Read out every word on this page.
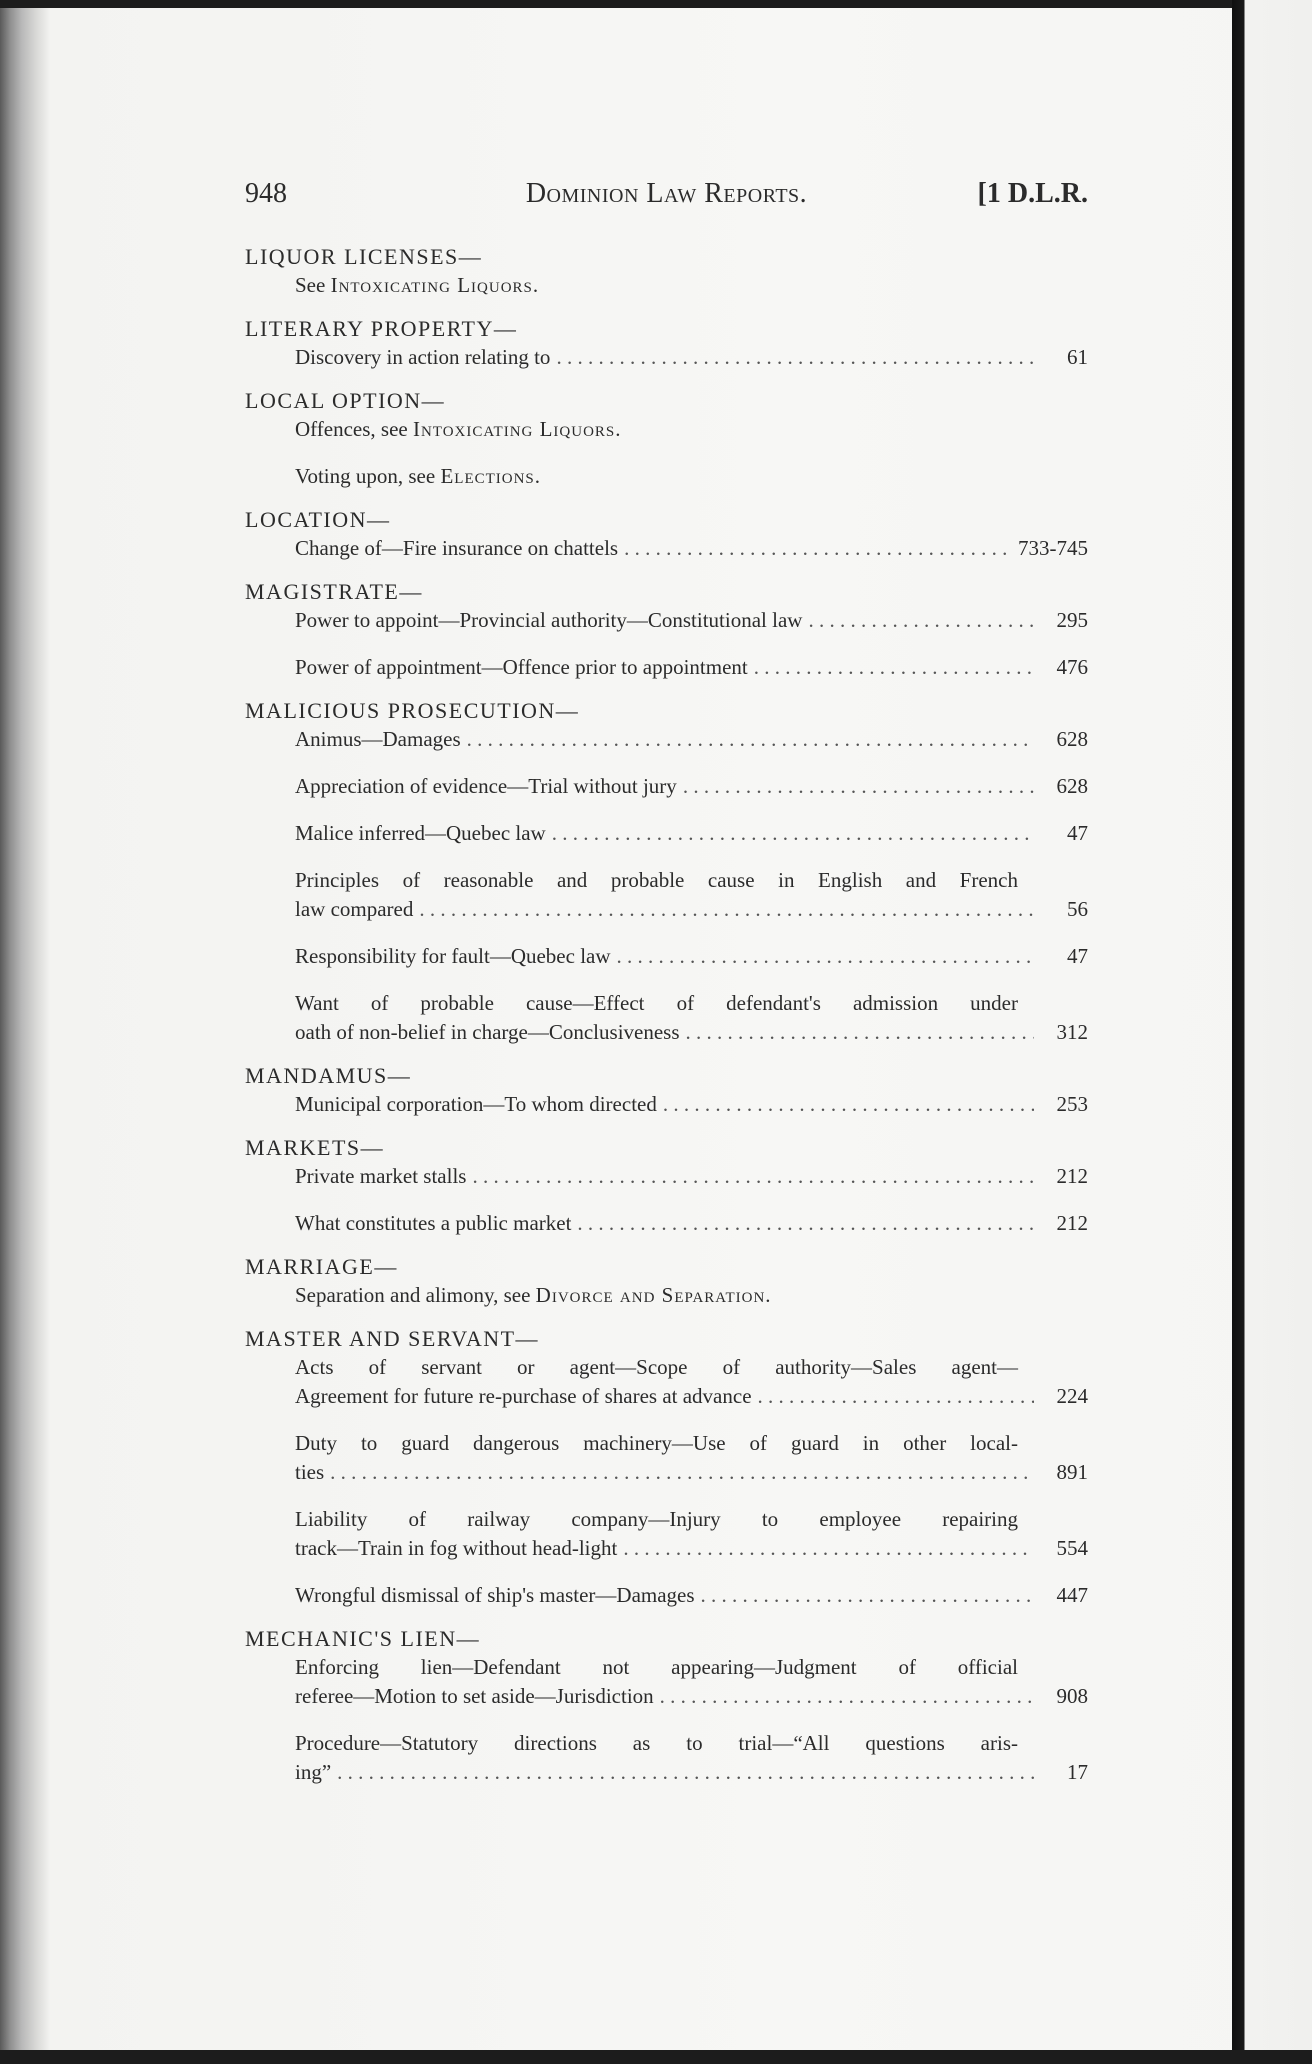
948	Dominion Law Reports.	[1 D.L.R.
LIQUOR LICENSES—
See Intoxicating Liquors.
LITERARY PROPERTY—
Discovery in action relating to . . .	61
LOCAL OPTION—
Offences, see Intoxicating Liquors.
Voting upon, see Elections.
LOCATION—
Change of—Fire insurance on chattels . . .	733-745
MAGISTRATE—
Power to appoint—Provincial authority—Constitutional law . . .	295
Power of appointment—Offence prior to appointment . . .	476
MALICIOUS PROSECUTION—
Animus—Damages . . .	628
Appreciation of evidence—Trial without jury . . .	628
Malice inferred—Quebec law . . .	47
Principles of reasonable and probable cause in English and French
law compared . . .	56
Responsibility for fault—Quebec law . . .	47
Want of probable cause—Effect of defendant's admission under
oath of non-belief in charge—Conclusiveness . . .	312
MANDAMUS—
Municipal corporation—To whom directed . . .	253
MARKETS—
Private market stalls . . .	212
What constitutes a public market . . .	212
MARRIAGE—
Separation and alimony, see Divorce and Separation.
MASTER AND SERVANT—
Acts of servant or agent—Scope of authority—Sales agent—
Agreement for future re-purchase of shares at advance . . .	224
Duty to guard dangerous machinery—Use of guard in other local-
ties . . .	891
Liability of railway company—Injury to employee repairing
track—Train in fog without head-light . . .	554
Wrongful dismissal of ship's master—Damages . . .	447
MECHANIC'S LIEN—
Enforcing lien—Defendant not appearing—Judgment of official
referee—Motion to set aside—Jurisdiction . . .	908
Procedure—Statutory directions as to trial—“All questions aris-
ing” . . .	17
